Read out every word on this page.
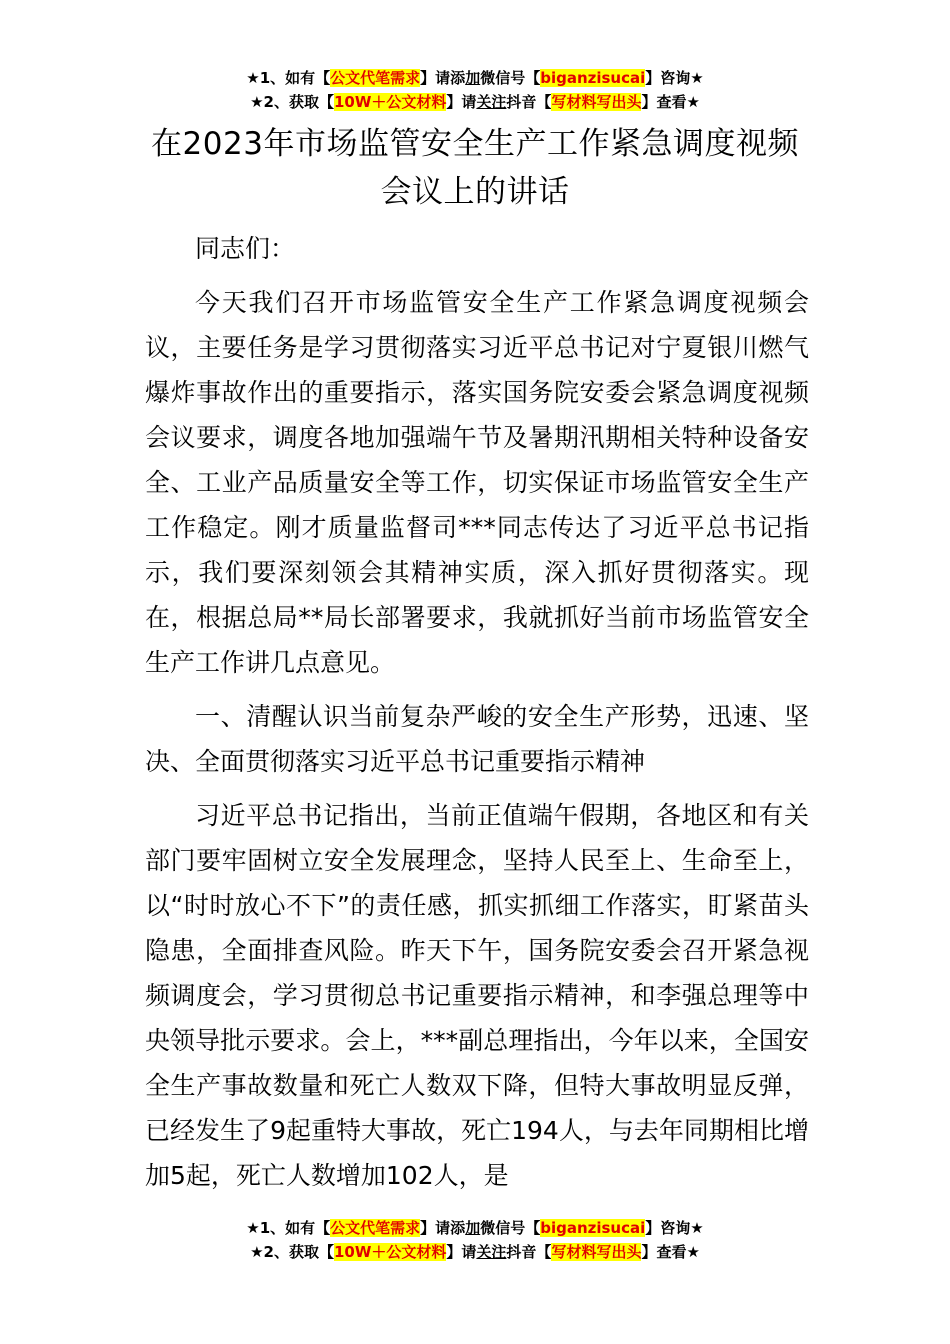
★1、如有【公文代笔需求】请添加微信号【biganzisucai】咨询★
★2、获取【10W＋公文材料】请关注抖音【写材料写出头】查看★
在2023年市场监管安全生产工作紧急调度视频会议上的讲话

同志们：

今天我们召开市场监管安全生产工作紧急调度视频会议，主要任务是学习贯彻落实习近平总书记对宁夏银川燃气爆炸事故作出的重要指示，落实国务院安委会紧急调度视频会议要求，调度各地加强端午节及暑期汛期相关特种设备安全、工业产品质量安全等工作，切实保证市场监管安全生产工作稳定。刚才质量监督司***同志传达了习近平总书记指示，我们要深刻领会其精神实质，深入抓好贯彻落实。现在，根据总局**局长部署要求，我就抓好当前市场监管安全生产工作讲几点意见。

一、清醒认识当前复杂严峻的安全生产形势，迅速、坚决、全面贯彻落实习近平总书记重要指示精神

习近平总书记指出，当前正值端午假期，各地区和有关部门要牢固树立安全发展理念，坚持人民至上、生命至上，以“时时放心不下”的责任感，抓实抓细工作落实，盯紧苗头隐患，全面排查风险。昨天下午，国务院安委会召开紧急视频调度会，学习贯彻总书记重要指示精神，和李强总理等中央领导批示要求。会上，***副总理指出，今年以来，全国安全生产事故数量和死亡人数双下降，但特大事故明显反弹，已经发生了9起重特大事故，死亡194人，与去年同期相比增加5起，死亡人数增加102人，是

★1、如有【公文代笔需求】请添加微信号【biganzisucai】咨询★
★2、获取【10W＋公文材料】请关注抖音【写材料写出头】查看★
